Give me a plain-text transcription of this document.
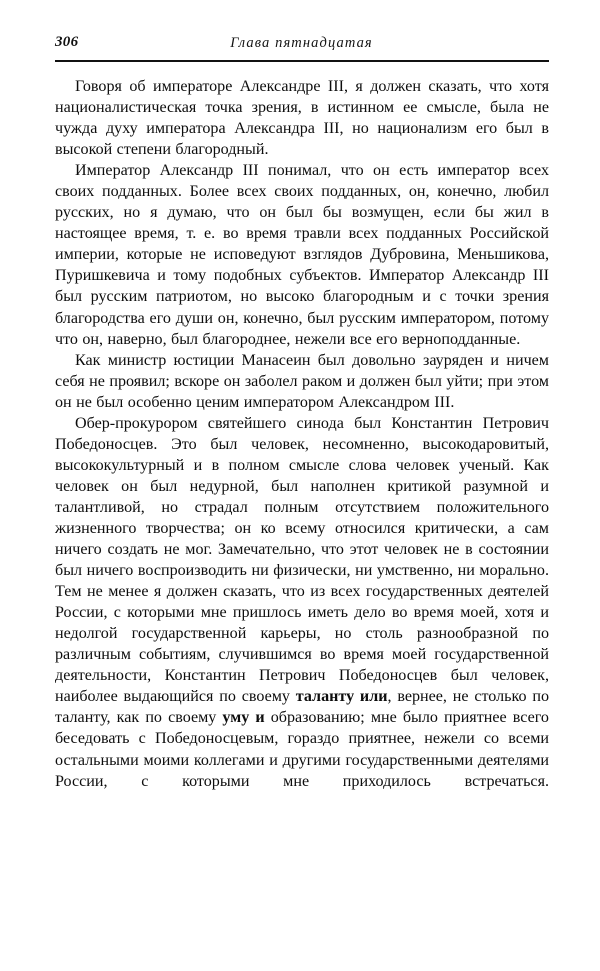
306	Глава пятнадцатая

Говоря об императоре Александре III, я должен сказать, что хотя националистическая точка зрения, в истинном ее смысле, была не чужда духу императора Александра III, но национализм его был в высокой степени благородный.

Император Александр III понимал, что он есть император всех своих подданных. Более всех своих подданных, он, конечно, любил русских, но я думаю, что он был бы возмущен, если бы жил в настоящее время, т. е. во время травли всех подданных Российской империи, которые не исповедуют взглядов Дубровина, Меньшикова, Пуришкевича и тому подобных субъектов. Император Александр III был русским патриотом, но высоко благородным и с точки зрения благородства его души он, конечно, был русским императором, потому что он, наверно, был благороднее, нежели все его верноподданные.

Как министр юстиции Манасеин был довольно зауряден и ничем себя не проявил; вскоре он заболел раком и должен был уйти; при этом он не был особенно ценим императором Александром III.

Обер-прокурором святейшего синода был Константин Петрович Победоносцев. Это был человек, несомненно, высокодаровитый, высококультурный и в полном смысле слова человек ученый. Как человек он был недурной, был наполнен критикой разумной и талантливой, но страдал полным отсутствием положительного жизненного творчества; он ко всему относился критически, а сам ничего создать не мог. Замечательно, что этот человек не в состоянии был ничего воспроизводить ни физически, ни умственно, ни морально. Тем не менее я должен сказать, что из всех государственных деятелей России, с которыми мне пришлось иметь дело во время моей, хотя и недолгой государственной карьеры, но столь разнообразной по различным событиям, случившимся во время моей государственной деятельности, Константин Петрович Победоносцев был человек, наиболее выдающийся по своему таланту или, вернее, не столько по таланту, как по своему уму и образованию; мне было приятнее всего беседовать с Победоносцевым, гораздо приятнее, нежели со всеми остальными моими коллегами и другими государственными деятелями России, с которыми мне приходилось встречаться.
